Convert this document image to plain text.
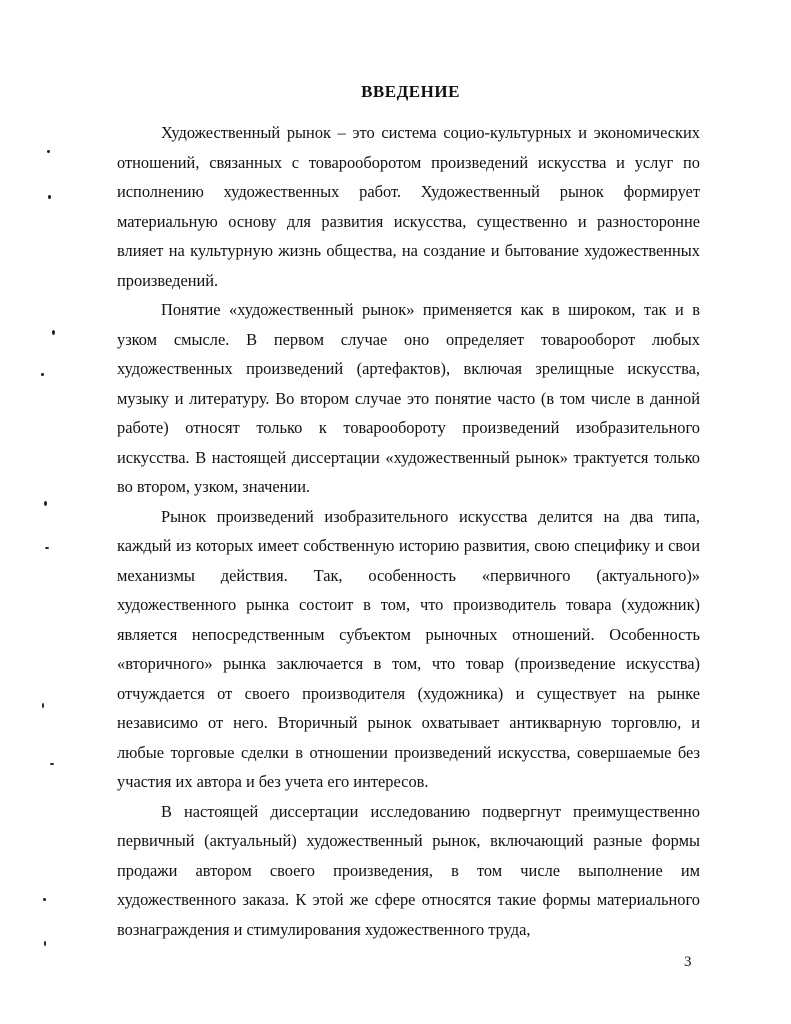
ВВЕДЕНИЕ

Художественный рынок – это система социо-культурных и экономических отношений, связанных с товарооборотом произведений искусства и услуг по исполнению художественных работ. Художественный рынок формирует материальную основу для развития искусства, существенно и разносторонне влияет на культурную жизнь общества, на создание и бытование художественных произведений.

Понятие «художественный рынок» применяется как в широком, так и в узком смысле. В первом случае оно определяет товарооборот любых художественных произведений (артефактов), включая зрелищные искусства, музыку и литературу. Во втором случае это понятие часто (в том числе в данной работе) относят только к товарообороту произведений изобразительного искусства. В настоящей диссертации «художественный рынок» трактуется только во втором, узком, значении.

Рынок произведений изобразительного искусства делится на два типа, каждый из которых имеет собственную историю развития, свою специфику и свои механизмы действия. Так, особенность «первичного (актуального)» художественного рынка состоит в том, что производитель товара (художник) является непосредственным субъектом рыночных отношений. Особенность «вторичного» рынка заключается в том, что товар (произведение искусства) отчуждается от своего производителя (художника) и существует на рынке независимо от него. Вторичный рынок охватывает антикварную торговлю, и любые торговые сделки в отношении произведений искусства, совершаемые без участия их автора и без учета его интересов.

В настоящей диссертации исследованию подвергнут преимущественно первичный (актуальный) художественный рынок, включающий разные формы продажи автором своего произведения, в том числе выполнение им художественного заказа. К этой же сфере относятся такие формы материального вознаграждения и стимулирования художественного труда,

3
